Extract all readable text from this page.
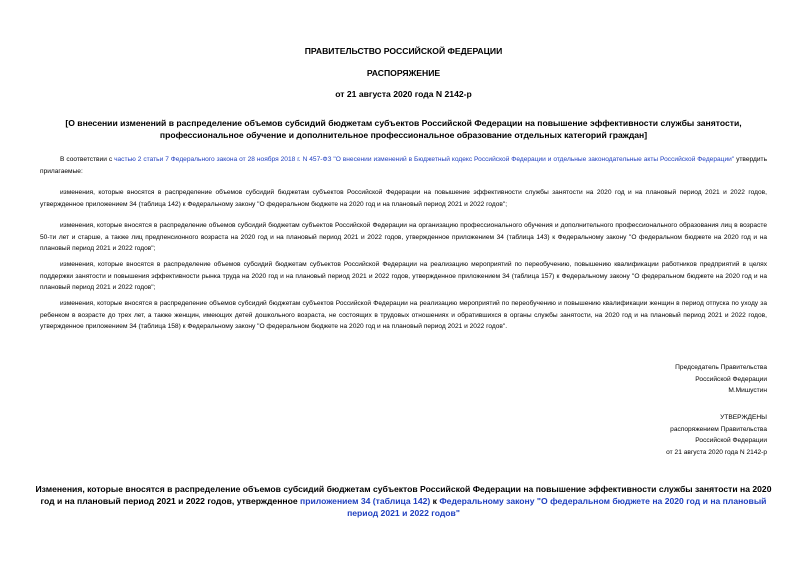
ПРАВИТЕЛЬСТВО РОССИЙСКОЙ ФЕДЕРАЦИИ
РАСПОРЯЖЕНИЕ
от 21 августа 2020 года N 2142-р
[О внесении изменений в распределение объемов субсидий бюджетам субъектов Российской Федерации на повышение эффективности службы занятости, профессиональное обучение и дополнительное профессиональное образование отдельных категорий граждан]
В соответствии с частью 2 статьи 7 Федерального закона от 28 ноября 2018 г. N 457-ФЗ "О внесении изменений в Бюджетный кодекс Российской Федерации и отдельные законодательные акты Российской Федерации" утвердить прилагаемые:
изменения, которые вносятся в распределение объемов субсидий бюджетам субъектов Российской Федерации на повышение эффективности службы занятости на 2020 год и на плановый период 2021 и 2022 годов, утвержденное приложением 34 (таблица 142) к Федеральному закону "О федеральном бюджете на 2020 год и на плановый период 2021 и 2022 годов";
изменения, которые вносятся в распределение объемов субсидий бюджетам субъектов Российской Федерации на организацию профессионального обучения и дополнительного профессионального образования лиц в возрасте 50-ти лет и старше, а также лиц предпенсионного возраста на 2020 год и на плановый период 2021 и 2022 годов, утвержденное приложением 34 (таблица 143) к Федеральному закону "О федеральном бюджете на 2020 год и на плановый период 2021 и 2022 годов";
изменения, которые вносятся в распределение объемов субсидий бюджетам субъектов Российской Федерации на реализацию мероприятий по переобучению, повышению квалификации работников предприятий в целях поддержки занятости и повышения эффективности рынка труда на 2020 год и на плановый период 2021 и 2022 годов, утвержденное приложением 34 (таблица 157) к Федеральному закону "О федеральном бюджете на 2020 год и на плановый период 2021 и 2022 годов";
изменения, которые вносятся в распределение объемов субсидий бюджетам субъектов Российской Федерации на реализацию мероприятий по переобучению и повышению квалификации женщин в период отпуска по уходу за ребенком в возрасте до трех лет, а также женщин, имеющих детей дошкольного возраста, не состоящих в трудовых отношениях и обратившихся в органы службы занятости, на 2020 год и на плановый период 2021 и 2022 годов, утвержденное приложением 34 (таблица 158) к Федеральному закону "О федеральном бюджете на 2020 год и на плановый период 2021 и 2022 годов".
Председатель Правительства
Российской Федерации
М.Мишустин
УТВЕРЖДЕНЫ
распоряжением Правительства
Российской Федерации
от 21 августа 2020 года N 2142-р
Изменения, которые вносятся в распределение объемов субсидий бюджетам субъектов Российской Федерации на повышение эффективности службы занятости на 2020 год и на плановый период 2021 и 2022 годов, утвержденное приложением 34 (таблица 142) к Федеральному закону "О федеральном бюджете на 2020 год и на плановый период 2021 и 2022 годов"
